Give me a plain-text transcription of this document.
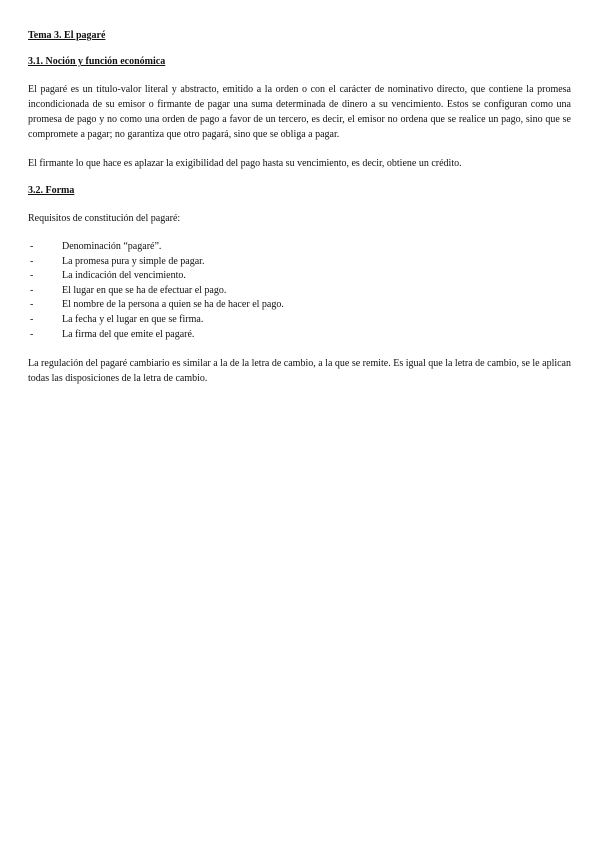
Tema 3. El pagaré
3.1. Noción y función económica

El pagaré es un título-valor literal y abstracto, emitido a la orden o con el carácter de nominativo directo, que contiene la promesa incondicionada de su emisor o firmante de pagar una suma determinada de dinero a su vencimiento. Estos se configuran como una promesa de pago y no como una orden de pago a favor de un tercero, es decir, el emisor no ordena que se realice un pago, sino que se compromete a pagar; no garantiza que otro pagará, sino que se obliga a pagar.

El firmante lo que hace es aplazar la exigibilidad del pago hasta su vencimiento, es decir, obtiene un crédito.

3.2. Forma

Requisitos de constitución del pagaré:

-	Denominación “pagaré”.
-	La promesa pura y simple de pagar.
-	La indicación del vencimiento.
-	El lugar en que se ha de efectuar el pago.
-	El nombre de la persona a quien se ha de hacer el pago.
-	La fecha y el lugar en que se firma.
-	La firma del que emite el pagaré.

La regulación del pagaré cambiario es similar a la de la letra de cambio, a la que se remite. Es igual que la letra de cambio, se le aplican todas las disposiciones de la letra de cambio.
